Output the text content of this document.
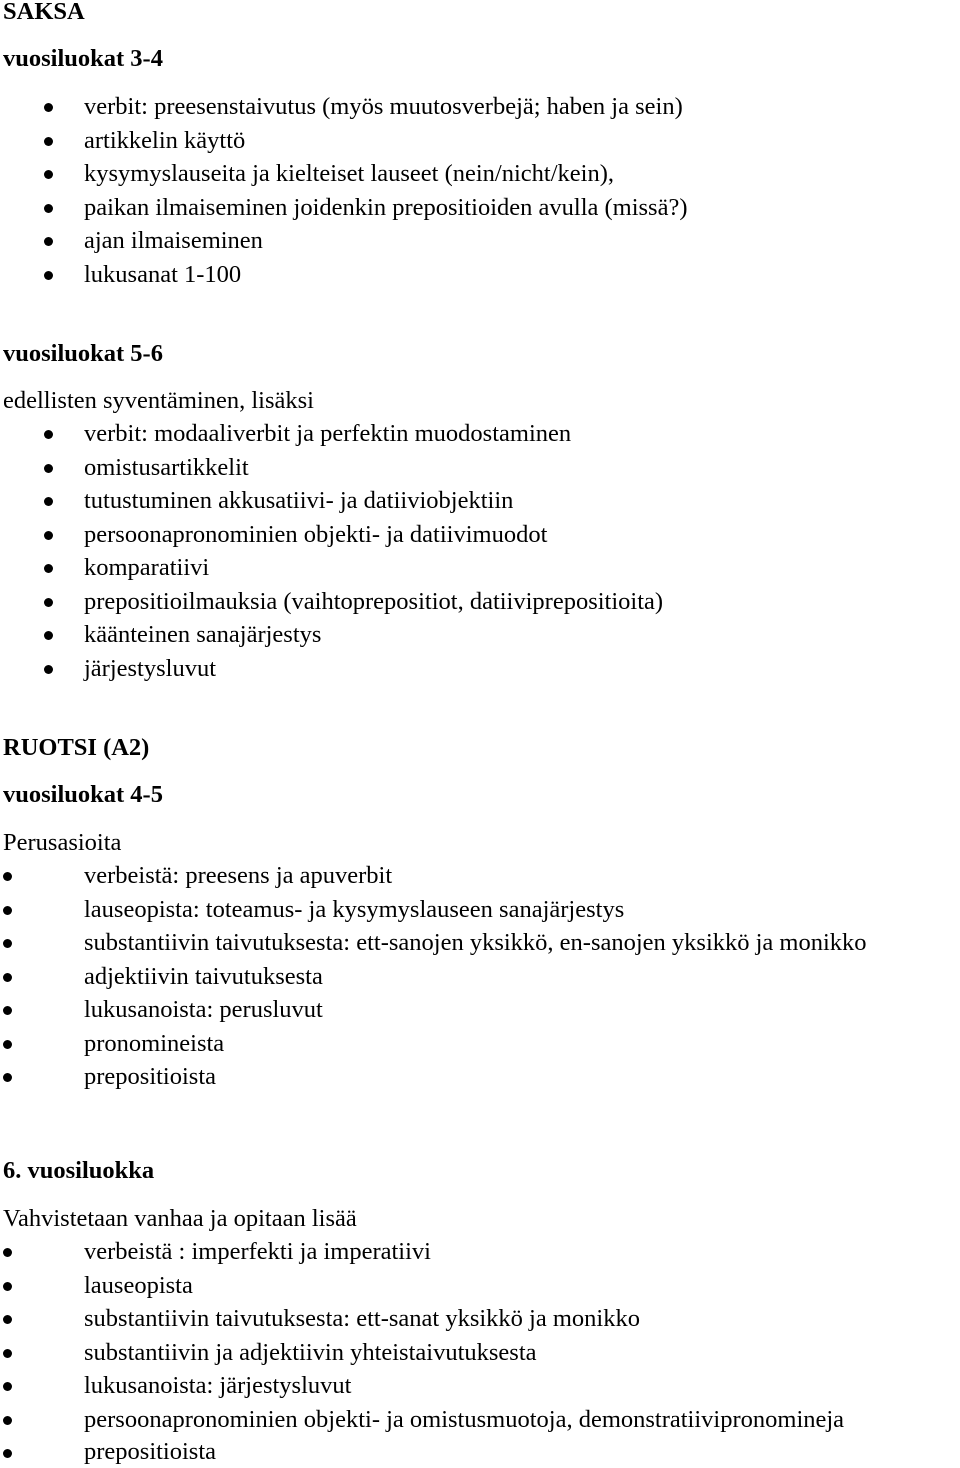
SAKSA
vuosiluokat 3-4
verbit: preesenstaivutus (myös muutosverbejä; haben ja sein)
artikkelin käyttö
kysymyslauseita ja kielteiset lauseet (nein/nicht/kein),
paikan ilmaiseminen joidenkin prepositioiden avulla (missä?)
ajan ilmaiseminen
lukusanat 1-100
vuosiluokat 5-6
edellisten syventäminen, lisäksi
verbit: modaaliverbit ja perfektin muodostaminen
omistusartikkelit
tutustuminen akkusatiivi- ja datiiviobjektiin
persoonapronominien objekti- ja datiivimuodot
komparatiivi
prepositioilmauksia (vaihtoprepositiot, datiiviprepositioita)
käänteinen sanajärjestys
järjestysluvut
RUOTSI (A2)
vuosiluokat 4-5
Perusasioita
verbeistä: preesens ja apuverbit
lauseopista: toteamus- ja kysymyslauseen sanajärjestys
substantiivin taivutuksesta: ett-sanojen yksikkö, en-sanojen yksikkö ja monikko
adjektiivin taivutuksesta
lukusanoista: perusluvut
pronomineista
prepositioista
6. vuosiluokka
Vahvistetaan vanhaa ja opitaan lisää
verbeistä : imperfekti ja imperatiivi
lauseopista
substantiivin taivutuksesta: ett-sanat yksikkö ja monikko
substantiivin ja adjektiivin yhteistaivutuksesta
lukusanoista: järjestysluvut
persoonapronominien objekti- ja omistusmuotoja, demonstratiivipronomineja
prepositioista
